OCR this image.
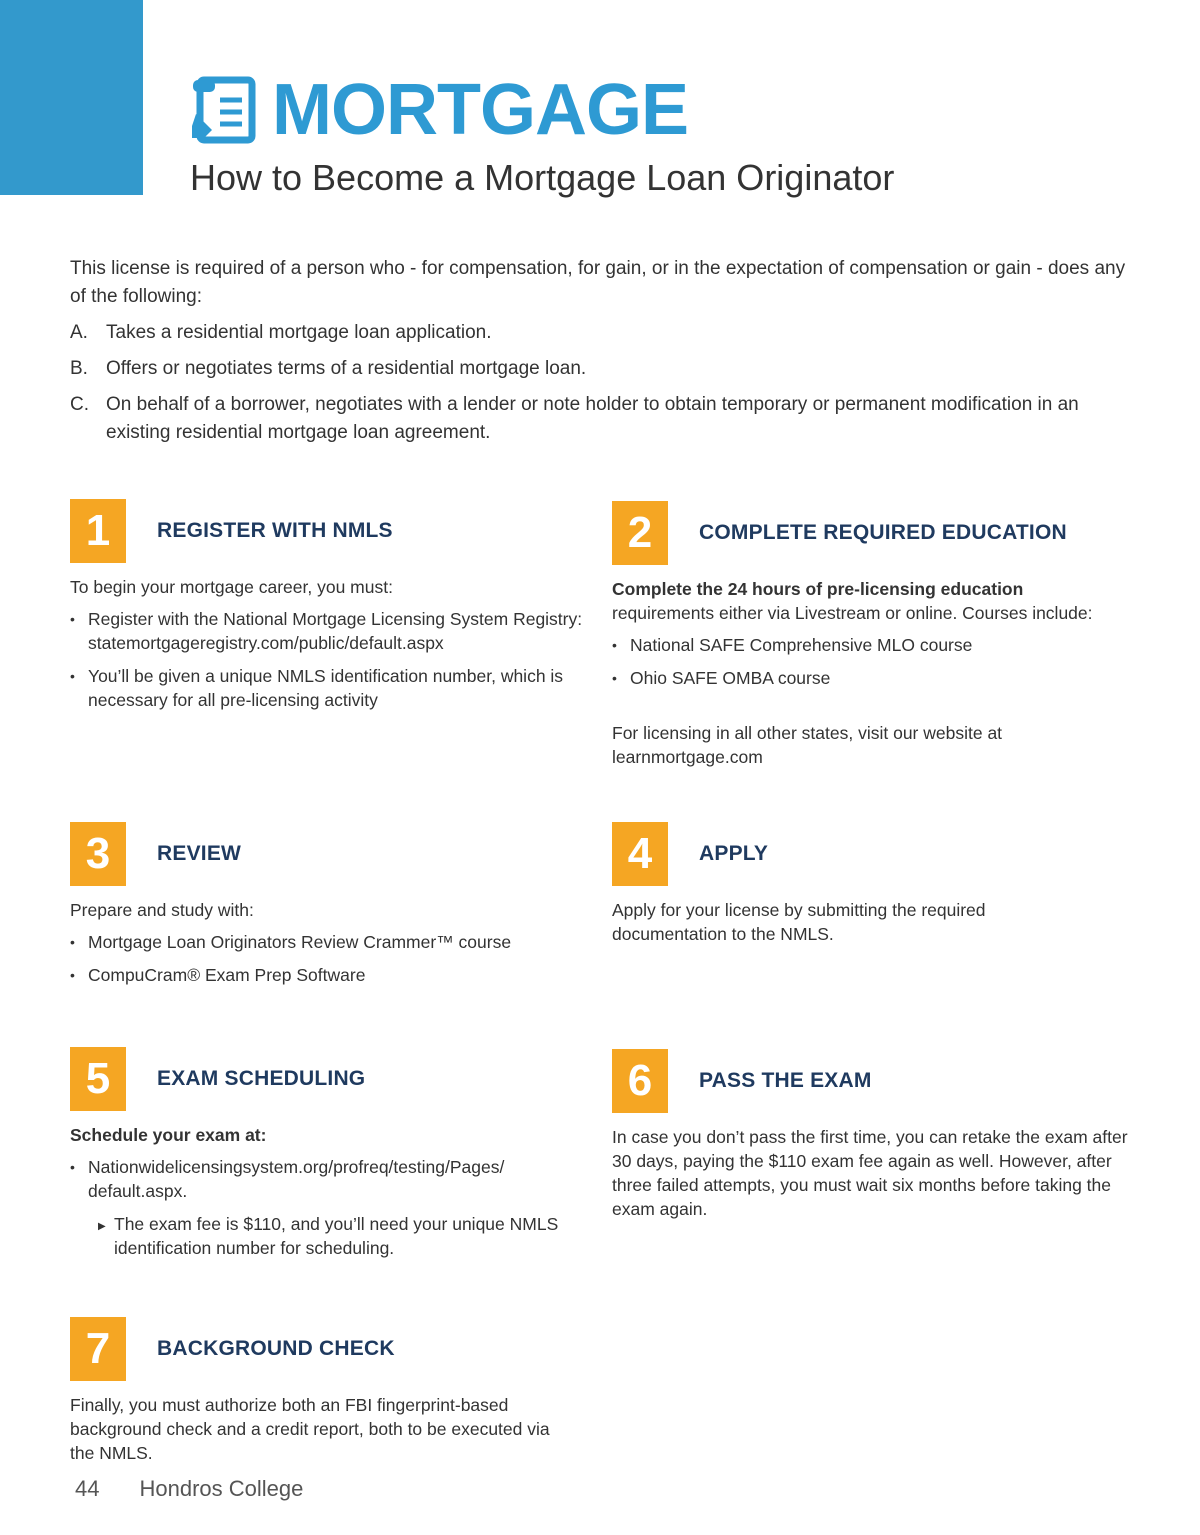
MORTGAGE
How to Become a Mortgage Loan Originator

This license is required of a person who - for compensation, for gain, or in the expectation of compensation or gain - does any of the following:

A. Takes a residential mortgage loan application.
B. Offers or negotiates terms of a residential mortgage loan.
C. On behalf of a borrower, negotiates with a lender or note holder to obtain temporary or permanent modification in an existing residential mortgage loan agreement.
1	REGISTER WITH NMLS

To begin your mortgage career, you must:

• Register with the National Mortgage Licensing System Registry: statemortgageregistry.com/public/default.aspx
• You’ll be given a unique NMLS identification number, which is necessary for all pre-licensing activity
2	COMPLETE REQUIRED EDUCATION

Complete the 24 hours of pre-licensing education
requirements either via Livestream or online. Courses include:

• National SAFE Comprehensive MLO course
• Ohio SAFE OMBA course

For licensing in all other states, visit our website at learnmortgage.com

3	REVIEW

Prepare and study with:

• Mortgage Loan Originators Review Crammer™ course
• CompuCram® Exam Prep Software
4	APPLY

Apply for your license by submitting the required documentation to the NMLS.

5	EXAM SCHEDULING

Schedule your exam at:

• Nationwidelicensingsystem.org/profreq/testing/Pages/ default.aspx.

▶ The exam fee is $110, and you’ll need your unique NMLS identification number for scheduling.

6	PASS THE EXAM

In case you don’t pass the first time, you can retake the exam after 30 days, paying the $110 exam fee again as well. However, after three failed attempts, you must wait six months before taking the exam again.

7	BACKGROUND CHECK

Finally, you must authorize both an FBI fingerprint-based background check and a credit report, both to be executed via the NMLS.

44 Hondros College
